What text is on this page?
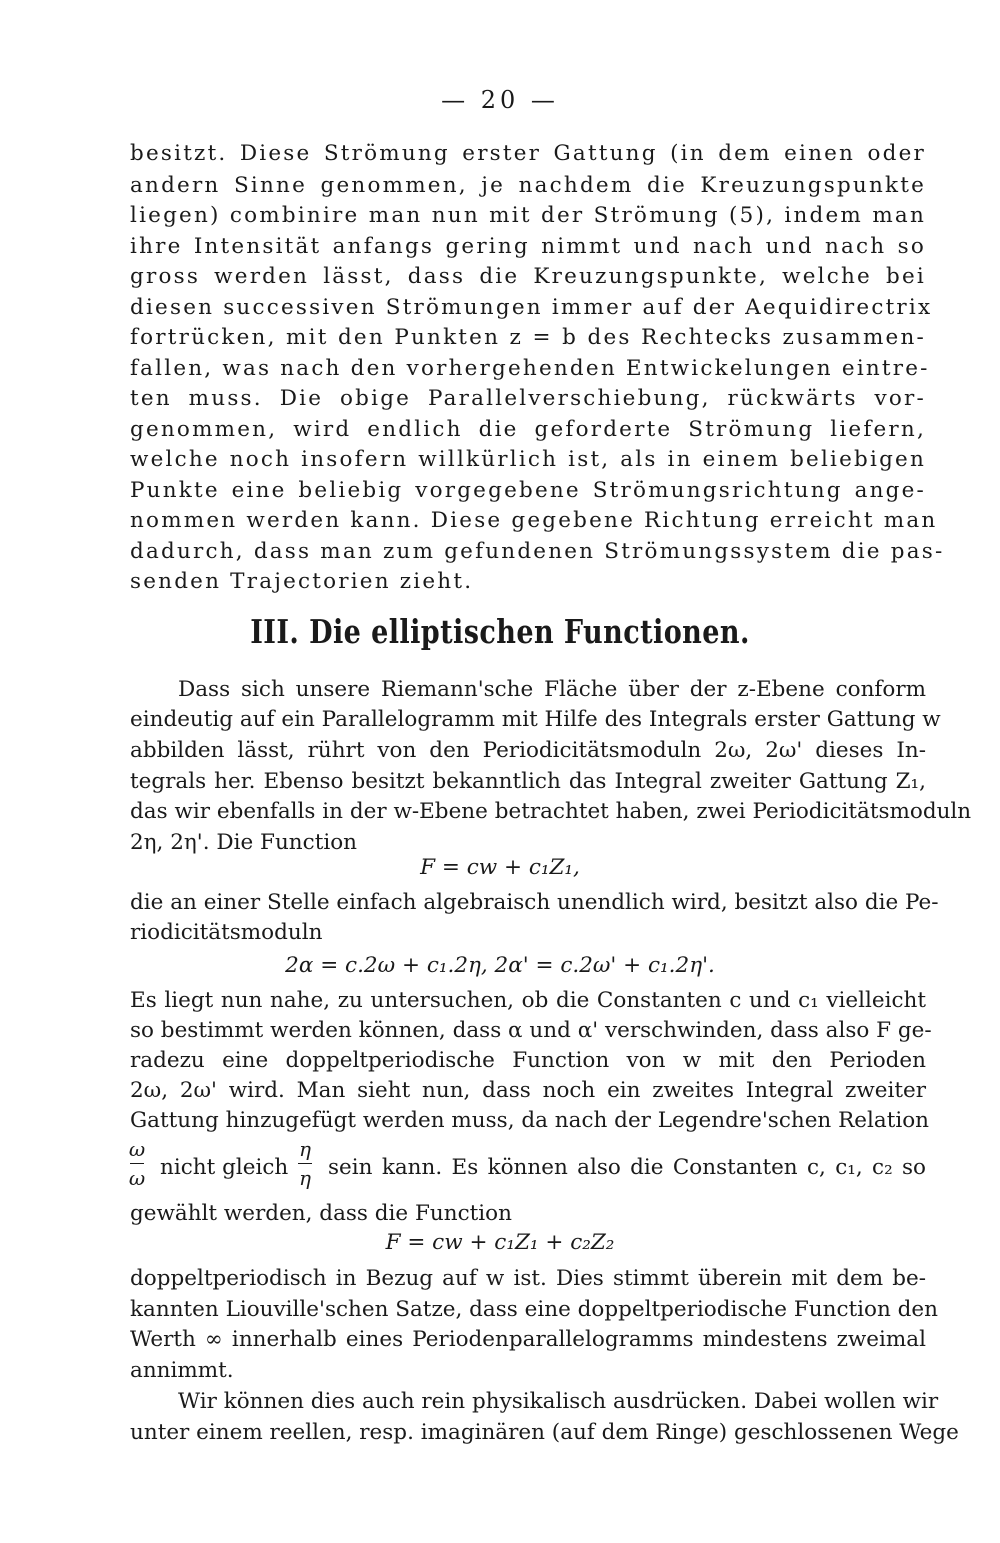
— 20 —
besitzt. Diese Strömung erster Gattung (in dem einen oder
andern Sinne genommen, je nachdem die Kreuzungspunkte
liegen) combinire man nun mit der Strömung (5), indem man
ihre Intensität anfangs gering nimmt und nach und nach so
gross werden lässt, dass die Kreuzungspunkte, welche bei
diesen successiven Strömungen immer auf der Aequidirectrix
fortrücken, mit den Punkten z = b des Rechtecks zusammen-
fallen, was nach den vorhergehenden Entwickelungen eintre-
ten muss. Die obige Parallelverschiebung, rückwärts vor-
genommen, wird endlich die geforderte Strömung liefern,
welche noch insofern willkürlich ist, als in einem beliebigen
Punkte eine beliebig vorgegebene Strömungsrichtung ange-
nommen werden kann. Diese gegebene Richtung erreicht man
dadurch, dass man zum gefundenen Strömungssystem die pas-
senden Trajectorien zieht.
III. Die elliptischen Functionen.
Dass sich unsere Riemann'sche Fläche über der z-Ebene conform
eindeutig auf ein Parallelogramm mit Hilfe des Integrals erster Gattung w
abbilden lässt, rührt von den Periodicitätsmoduln 2ω, 2ω' dieses In-
tegrals her. Ebenso besitzt bekanntlich das Integral zweiter Gattung Z₁,
das wir ebenfalls in der w-Ebene betrachtet haben, zwei Periodicitätsmoduln
2η, 2η'. Die Function
F = cw + c₁Z₁,
die an einer Stelle einfach algebraisch unendlich wird, besitzt also die Pe-
riodicitätsmoduln
2α = c.2ω + c₁.2η, 2α' = c.2ω' + c₁.2η'.
Es liegt nun nahe, zu untersuchen, ob die Constanten c und c₁ vielleicht
so bestimmt werden können, dass α und α' verschwinden, dass also F ge-
radezu eine doppeltperiodische Function von w mit den Perioden
2ω, 2ω' wird. Man sieht nun, dass noch ein zweites Integral zweiter
Gattung hinzugefügt werden muss, da nach der Legendre'schen Relation
ω
ω nicht gleich
η
η sein kann. Es können also die Constanten c, c₁, c₂ so
gewählt werden, dass die Function
F = cw + c₁Z₁ + c₂Z₂
doppeltperiodisch in Bezug auf w ist. Dies stimmt überein mit dem be-
kannten Liouville'schen Satze, dass eine doppeltperiodische Function den
Werth ∞ innerhalb eines Periodenparallelogramms mindestens zweimal
annimmt.
Wir können dies auch rein physikalisch ausdrücken. Dabei wollen wir
unter einem reellen, resp. imaginären (auf dem Ringe) geschlossenen Wege
